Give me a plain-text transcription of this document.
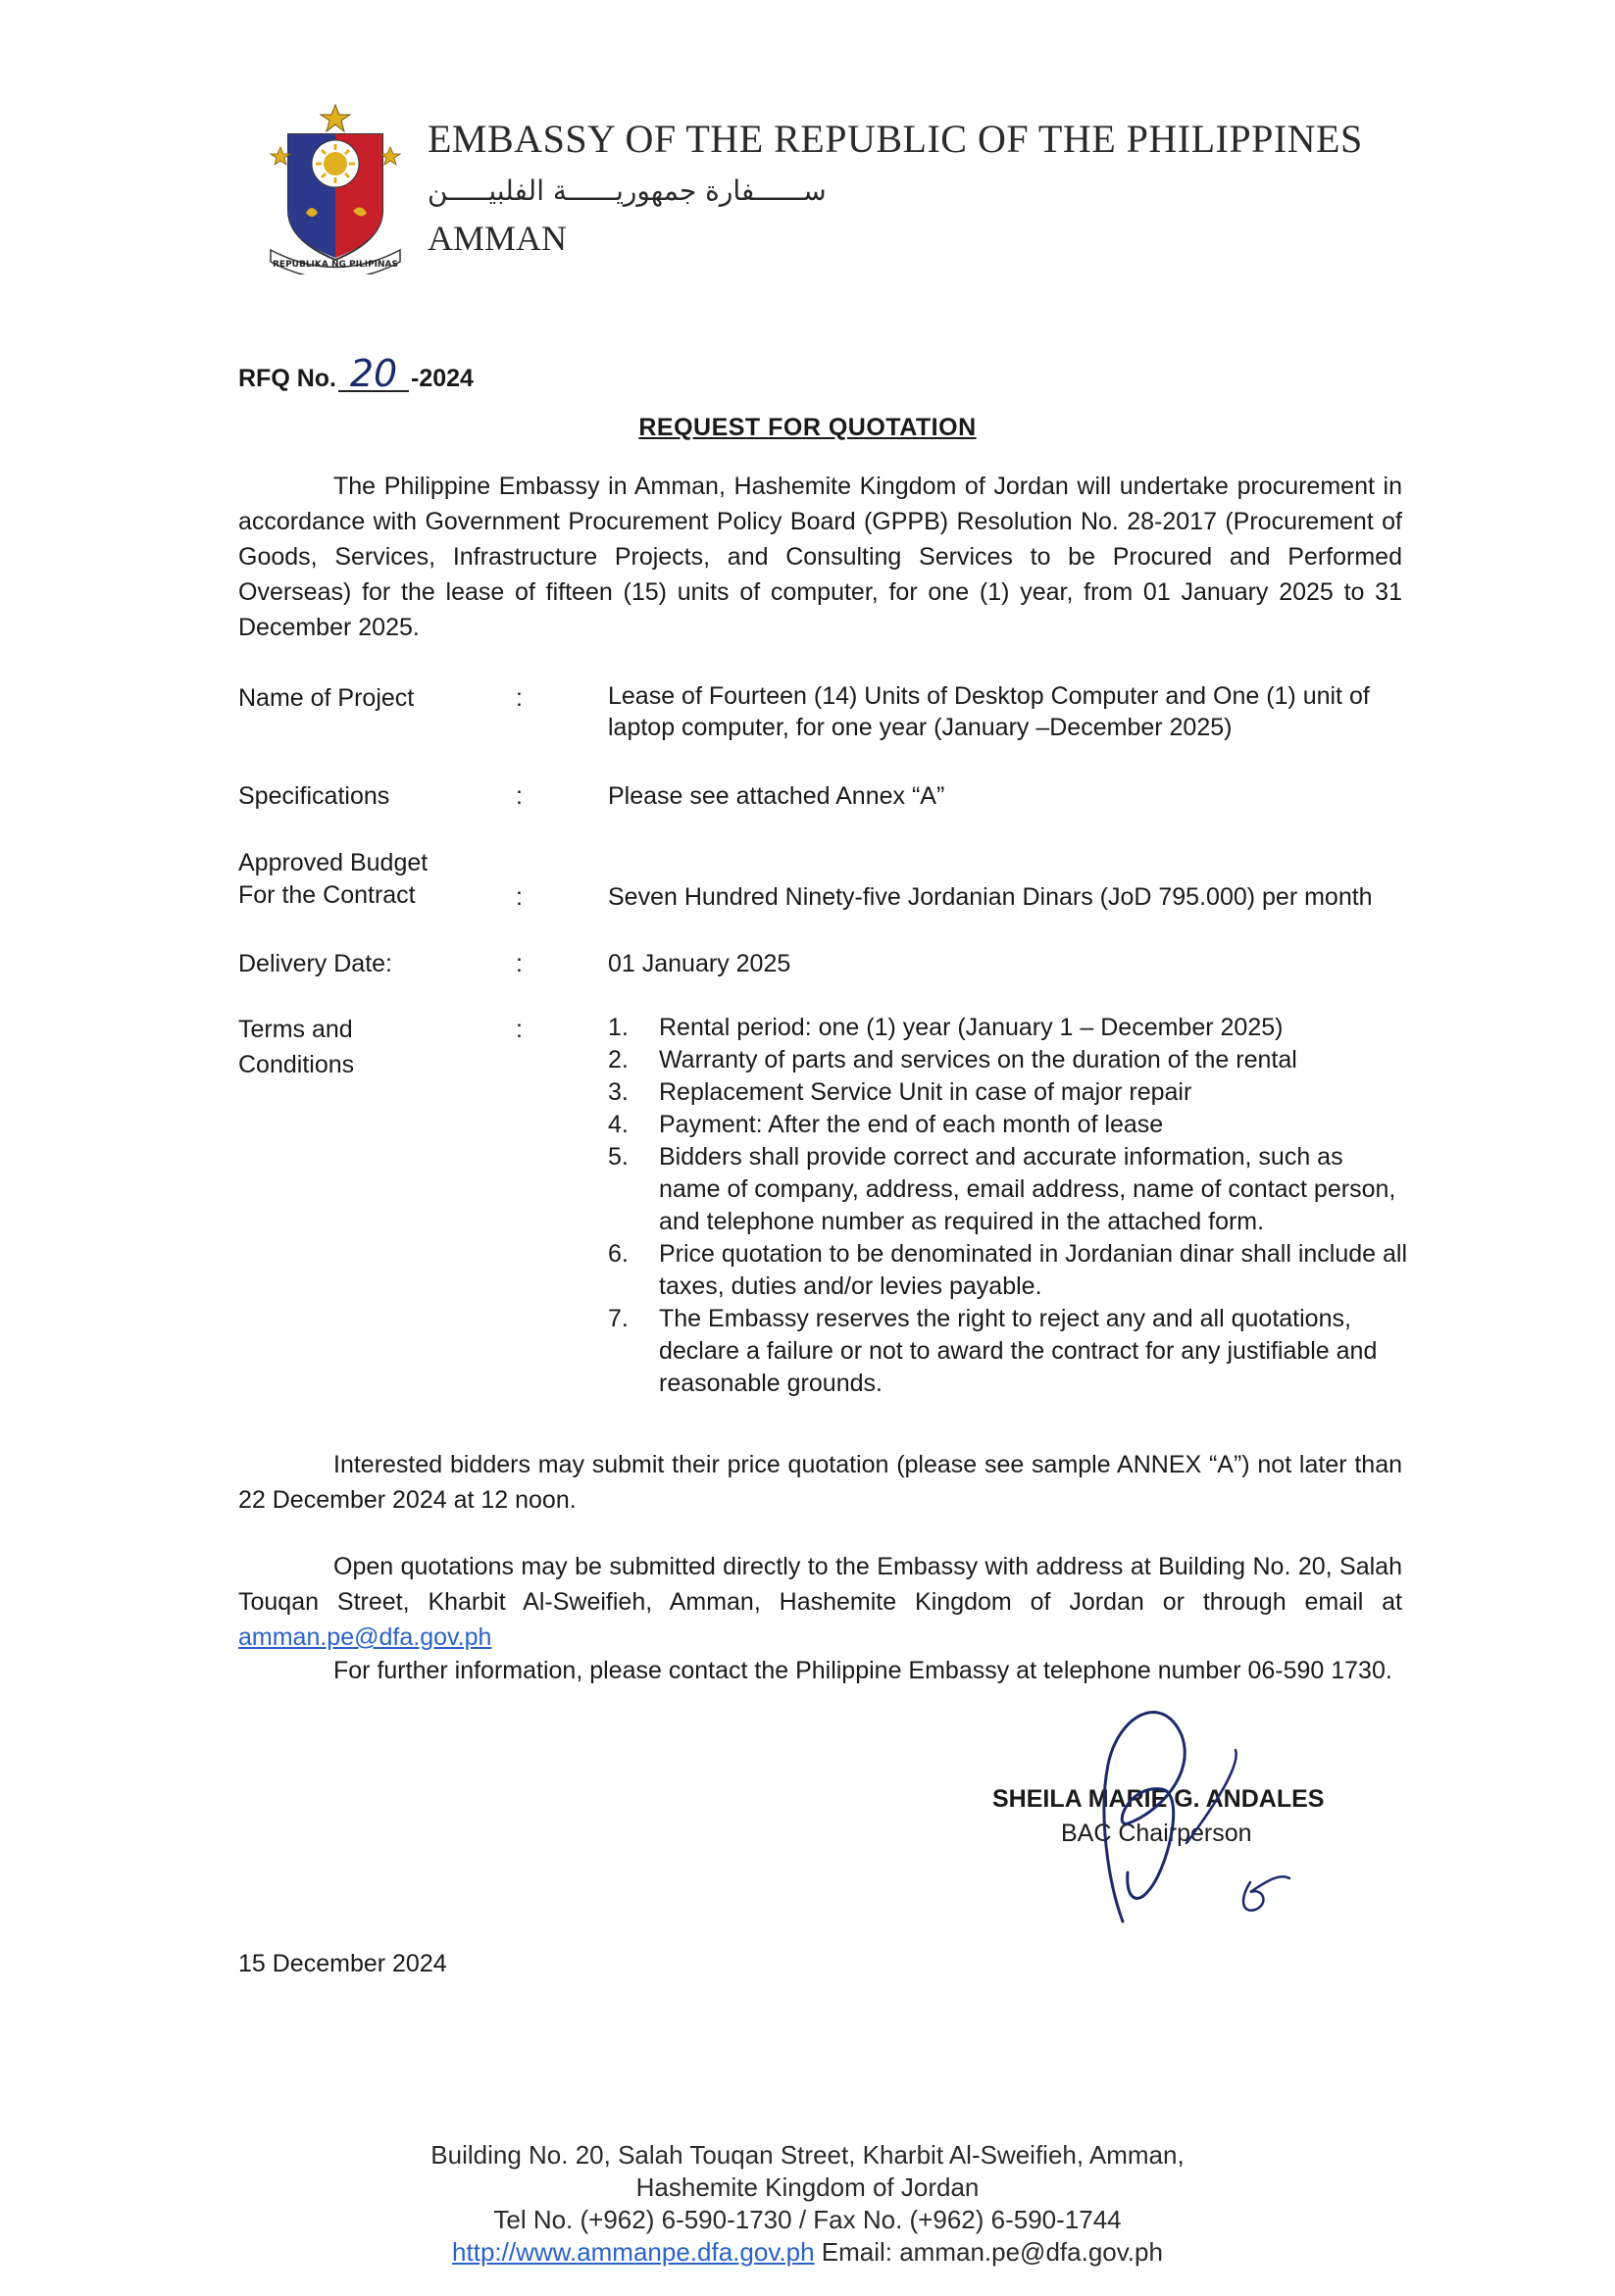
REPUBLIKA NG PILIPINAS
EMBASSY OF THE REPUBLIC OF THE PHILIPPINES
ســــــفارة جمهوريــــــة الفلبيـــــن
AMMAN
RFQ No. 20 -2024
REQUEST FOR QUOTATION
The Philippine Embassy in Amman, Hashemite Kingdom of Jordan will undertake procurement in accordance with Government Procurement Policy Board (GPPB) Resolution No. 28-2017 (Procurement of Goods, Services, Infrastructure Projects, and Consulting Services to be Procured and Performed Overseas) for the lease of fifteen (15) units of computer, for one (1) year, from 01 January 2025 to 31 December 2025.
Name of Project	:	Lease of Fourteen (14) Units of Desktop Computer and One (1) unit of laptop computer, for one year (January –December 2025)
Specifications	:	Please see attached Annex “A”
Approved Budget
For the Contract	:	Seven Hundred Ninety-five Jordanian Dinars (JoD 795.000) per month
Delivery Date:	:	01 January 2025
Terms and Conditions
:	1.	Rental period: one (1) year (January 1 – December 2025)
2.	Warranty of parts and services on the duration of the rental
3.	Replacement Service Unit in case of major repair
4.	Payment: After the end of each month of lease
5.	Bidders shall provide correct and accurate information, such as name of company, address, email address, name of contact person, and telephone number as required in the attached form.
6.	Price quotation to be denominated in Jordanian dinar shall include all taxes, duties and/or levies payable.
7.	The Embassy reserves the right to reject any and all quotations, declare a failure or not to award the contract for any justifiable and reasonable grounds.
Interested bidders may submit their price quotation (please see sample ANNEX “A”) not later than 22 December 2024 at 12 noon.
Open quotations may be submitted directly to the Embassy with address at Building No. 20, Salah Touqan Street, Kharbit Al-Sweifieh, Amman, Hashemite Kingdom of Jordan or through email at amman.pe@dfa.gov.ph
For further information, please contact the Philippine Embassy at telephone number 06-590 1730.
SHEILA MARIE G. ANDALES
BAC Chairperson
15 December 2024
Building No. 20, Salah Touqan Street, Kharbit Al-Sweifieh, Amman,
Hashemite Kingdom of Jordan
Tel No. (+962) 6-590-1730 / Fax No. (+962) 6-590-1744
http://www.ammanpe.dfa.gov.ph Email: amman.pe@dfa.gov.ph
